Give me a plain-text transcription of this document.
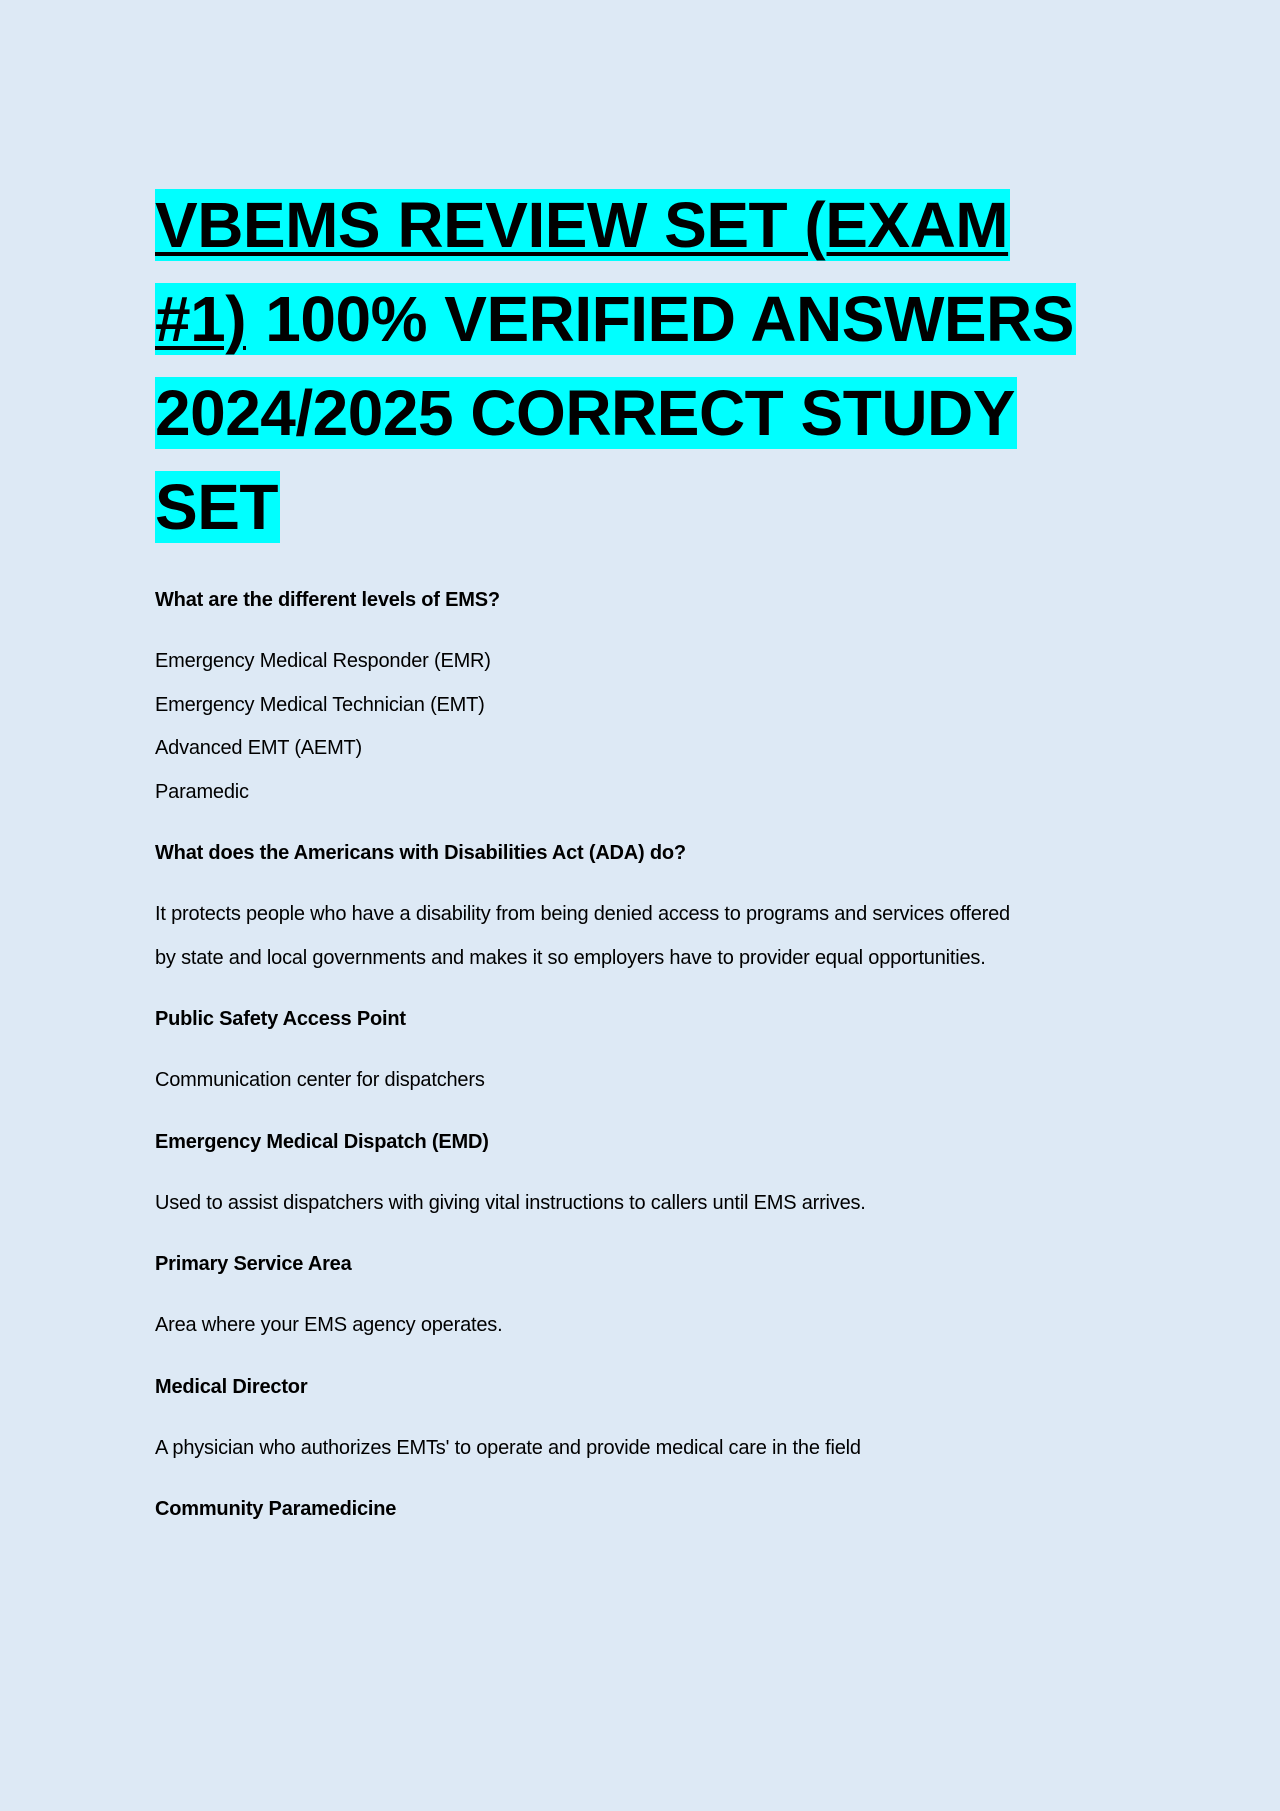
VBEMS REVIEW SET (EXAM #1) 100% VERIFIED ANSWERS 2024/2025 CORRECT STUDY SET

What are the different levels of EMS?

Emergency Medical Responder (EMR)
Emergency Medical Technician (EMT)
Advanced EMT (AEMT)
Paramedic

What does the Americans with Disabilities Act (ADA) do?

It protects people who have a disability from being denied access to programs and services offered
by state and local governments and makes it so employers have to provider equal opportunities.

Public Safety Access Point

Communication center for dispatchers

Emergency Medical Dispatch (EMD)

Used to assist dispatchers with giving vital instructions to callers until EMS arrives.

Primary Service Area

Area where your EMS agency operates.

Medical Director

A physician who authorizes EMTs' to operate and provide medical care in the field

Community Paramedicine
